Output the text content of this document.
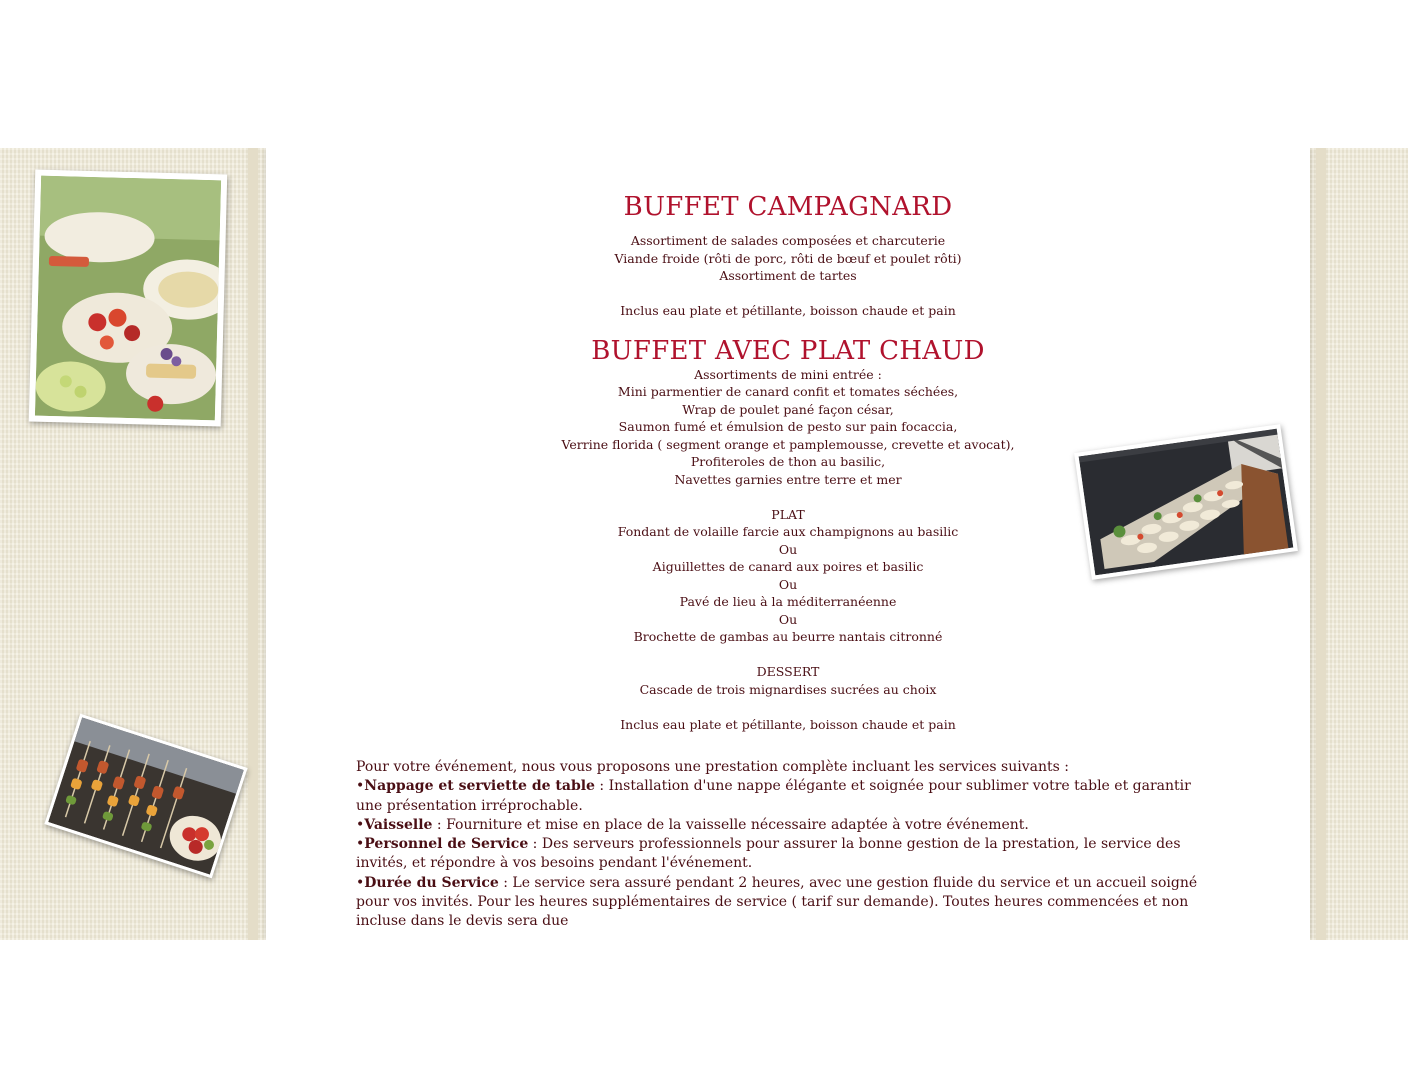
BUFFET CAMPAGNARD

Assortiment de salades composées et charcuterie

Viande froide (rôti de porc, rôti de bœuf et poulet rôti)

Assortiment de tartes

Inclus eau plate et pétillante, boisson chaude et pain

BUFFET AVEC PLAT CHAUD

Assortiments de mini entrée :

Mini parmentier de canard confit et tomates séchées,

Wrap de poulet pané façon césar,

Saumon fumé et émulsion de pesto sur pain focaccia,

Verrine florida ( segment orange et pamplemousse, crevette et avocat),

Profiteroles de thon au basilic,

Navettes garnies entre terre et mer

PLAT

Fondant de volaille farcie aux champignons au basilic

Ou

Aiguillettes de canard aux poires et basilic

Ou

Pavé de lieu à la méditerranéenne

Ou

Brochette de gambas au beurre nantais citronné

DESSERT

Cascade de trois mignardises sucrées au choix

Inclus eau plate et pétillante, boisson chaude et pain

Pour votre événement, nous vous proposons une prestation complète incluant les services suivants :
•Nappage et serviette de table : Installation d'une nappe élégante et soignée pour sublimer votre table et garantir une présentation irréprochable.
•Vaisselle : Fourniture et mise en place de la vaisselle nécessaire adaptée à votre événement.
•Personnel de Service : Des serveurs professionnels pour assurer la bonne gestion de la prestation, le service des invités, et répondre à vos besoins pendant l'événement.
•Durée du Service : Le service sera assuré pendant 2 heures, avec une gestion fluide du service et un accueil soigné pour vos invités. Pour les heures supplémentaires de service ( tarif sur demande). Toutes heures commencées et non incluse dans le devis sera due
